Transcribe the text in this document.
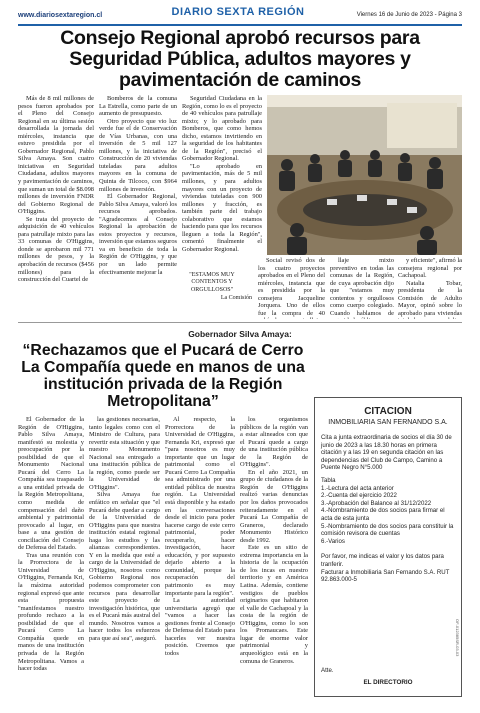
www.diariosextaregion.cl	DIARIO SEXTA REGIÓN	Viernes 16 de Junio de 2023 - Página 3
Consejo Regional aprobó recursos para Seguridad Pública, adultos mayores y pavimentación de caminos

Más de 8 mil millones de pesos fueron aprobados por el Pleno del Consejo Regional en su última sesión desarrollada la jornada del miércoles, instancia que estuvo presidida por el Gobernador Regional, Pablo Silva Amaya. Son cuatro iniciativas en Seguridad Ciudadana, adultos mayores y pavimentación de caminos, que suman un total de $8.098 millones de inversión FNDR del Gobierno Regional de O'Higgins.

Se trata del proyecto de adquisición de 40 vehículos para patrullaje mixto para las 33 comunas de O'Higgins, donde se aprobaron mil 771 millones de pesos, y la aprobación de recursos ($456 millones) para la construcción del Cuartel de

Bomberos de la comuna La Estrella, como parte de un aumento de presupuesto.

Otro proyecto que vio luz verde fue el de Conservación de Vías Urbanas, con una inversión de 5 mil 127 millones, y la iniciativa de Construcción de 20 viviendas tuteladas para adultos mayores en la comuna de Quinta de Tilcoco, con $964 millones de inversión.

El Gobernador Regional, Pablo Silva Amaya, valoró los recursos aprobados. "Agradecemos al Consejo Regional la aprobación de estos proyectos y recursos, inversión que estamos seguros va en beneficio de toda la Región de O'Higgins, y que por un lado permite efectivamente mejorar la

Seguridad Ciudadana en la Región, como lo es el proyecto de 40 vehículos para patrullaje mixto; y lo aprobado para Bomberos, que como hemos dicho, estamos invirtiendo en la seguridad de los habitantes de la Región", precisó el Gobernador Regional.

"Lo aprobado en pavimentación, más de 5 mil millones, y para adultos mayores con un proyecto de viviendas tuteladas con 900 millones y fracción, es también parte del trabajo colaborativo que estamos haciendo para que los recursos lleguen a toda la Región", comentó finalmente el Gobernador Regional.

"ESTAMOS MUY CONTENTOS Y ORGULLOSOS"
La Comisión

Social revisó dos de los cuatro proyectos aprobados en el Pleno del miércoles, instancia que es presidida por la consejera Jacqueline Jorquera. Uno de ellos fue la compra de 40

llaje mixto preventivo en todas las comunas de la Región, de cuya aprobación dijo que "estamos muy contentos y orgullosos como cuerpo colegiado. Cuando hablamos de

y eficiente", afirmó la consejera regional por Cachapoal.

Natalia Tobar, presidenta de la Comisión de Adulto Mayor, opinó sobre lo aprobado para viviendas

Gobernador Silva Amaya:
“Rechazamos que el Pucará de Cerro La Compañía quede en manos de una institución privada de la Región Metropolitana”

El Gobernador de la Región de O'Higgins, Pablo Silva Amaya, manifestó su molestia y preocupación por la posibilidad de que el Monumento Nacional Pucará del Cerro La Compañía sea traspasado a una entidad privada de la Región Metropolitana, como medida de compensación del daño ambiental y patrimonial provocado al lugar, en base a una gestión de conciliación del Consejo de Defensa del Estado.

Tras una reunión con la Prorrectora de la Universidad de O'Higgins, Fernanda Kri, la máxima autoridad regional expresó que ante esta propuesta "manifestamos nuestro profundo rechazo a la posibilidad de que el Pucará Cerro La Compañía quede en manos de una institución privada de la Región Metropolitana. Vamos a hacer todas

las gestiones necesarias, tanto legales como con el Ministro de Cultura, para revertir esta situación y que nuestro Monumento Nacional sea entregado a una institución pública de la región, como puede ser la Universidad de O'Higgins".

Silva Amaya fue enfático en señalar que "el Pucará debe quedar a cargo de la Universidad de O'Higgins para que nuestra institución estatal regional haga los estudios y las alianzas correspondientes. Y en la medida que esté a cargo de la Universidad de O'Higgins, nosotros como Gobierno Regional nos podemos comprometer con recursos para desarrollar este proyecto de investigación histórica, que es el Pucará más austral del mundo. Nosotros vamos a hacer todos los esfuerzos para que así sea", aseguró.

Al respecto, la Prorrectora de la Universidad de O'Higgins, Fernanda Kri, expresó que "para nosotros es muy importante que un lugar patrimonial como el Pucará Cerro La Compañía sea administrado por una entidad pública de nuestra región. La Universidad está disponible y ha estado en las conversaciones desde el inicio para poder hacerse cargo de este cerro patrimonial, poder recuperarlo, hacer investigación, hacer educación, y por supuesto dejarlo abierto a la comunidad, porque la recuperación del patrimonio es muy importante para la región".

La autoridad universitaria agregó que "vamos a hacer las gestiones frente al Consejo de Defensa del Estado para hacerles ver nuestra posición. Creemos que todos

los organismos públicos de la región van a estar alineados con que el Pucará quede a cargo de una institución pública de la Región de O'Higgins".

En el año 2021, un grupo de ciudadanos de la Región de O'Higgins realizó varias denuncias por los daños provocados reiteradamente en el Pucará La Compañía de Graneros, declarado Monumento Histórico desde 1992.

Este es un sitio de extrema importancia en la historia de la ocupación de los incas en nuestro territorio y en América Latina. Además, contiene vestigios de pueblos originarios que habitaron el valle de Cachapoal y la costa de la región de O'Higgins, como lo son los Promaucaes. Este lugar de enorme valor patrimonial y arqueológico está en la comuna de Graneros.

CITACION
INMOBILIARIA SAN FERNANDO S.A.

Cita a junta extraordinaria de socios el día 30 de junio de 2023 a las 18.30 horas en primera citación y a las 19 en segunda citación en las dependencias del Club de Campo, Camino a Puente Negro N°5.000

Tabla

1.-Lectura del acta anterior

2.-Cuenta del ejercicio 2022

3.-Aprobación del Balance al 31/12/2022

4.-Nombramiento de dos socios para firmar el acta de esta junta

5.-Nombramiento de dos socios para constituir la comisión revisora de cuentas

6.-Varios

Por favor, me indicas el valor y los datos para tranferir.

Facturar a Inmobiliaria San Fernando S.A. RUT 92.863.000-5

Atte.
EL DIRECTORIO
OF-012385SR-03-03
